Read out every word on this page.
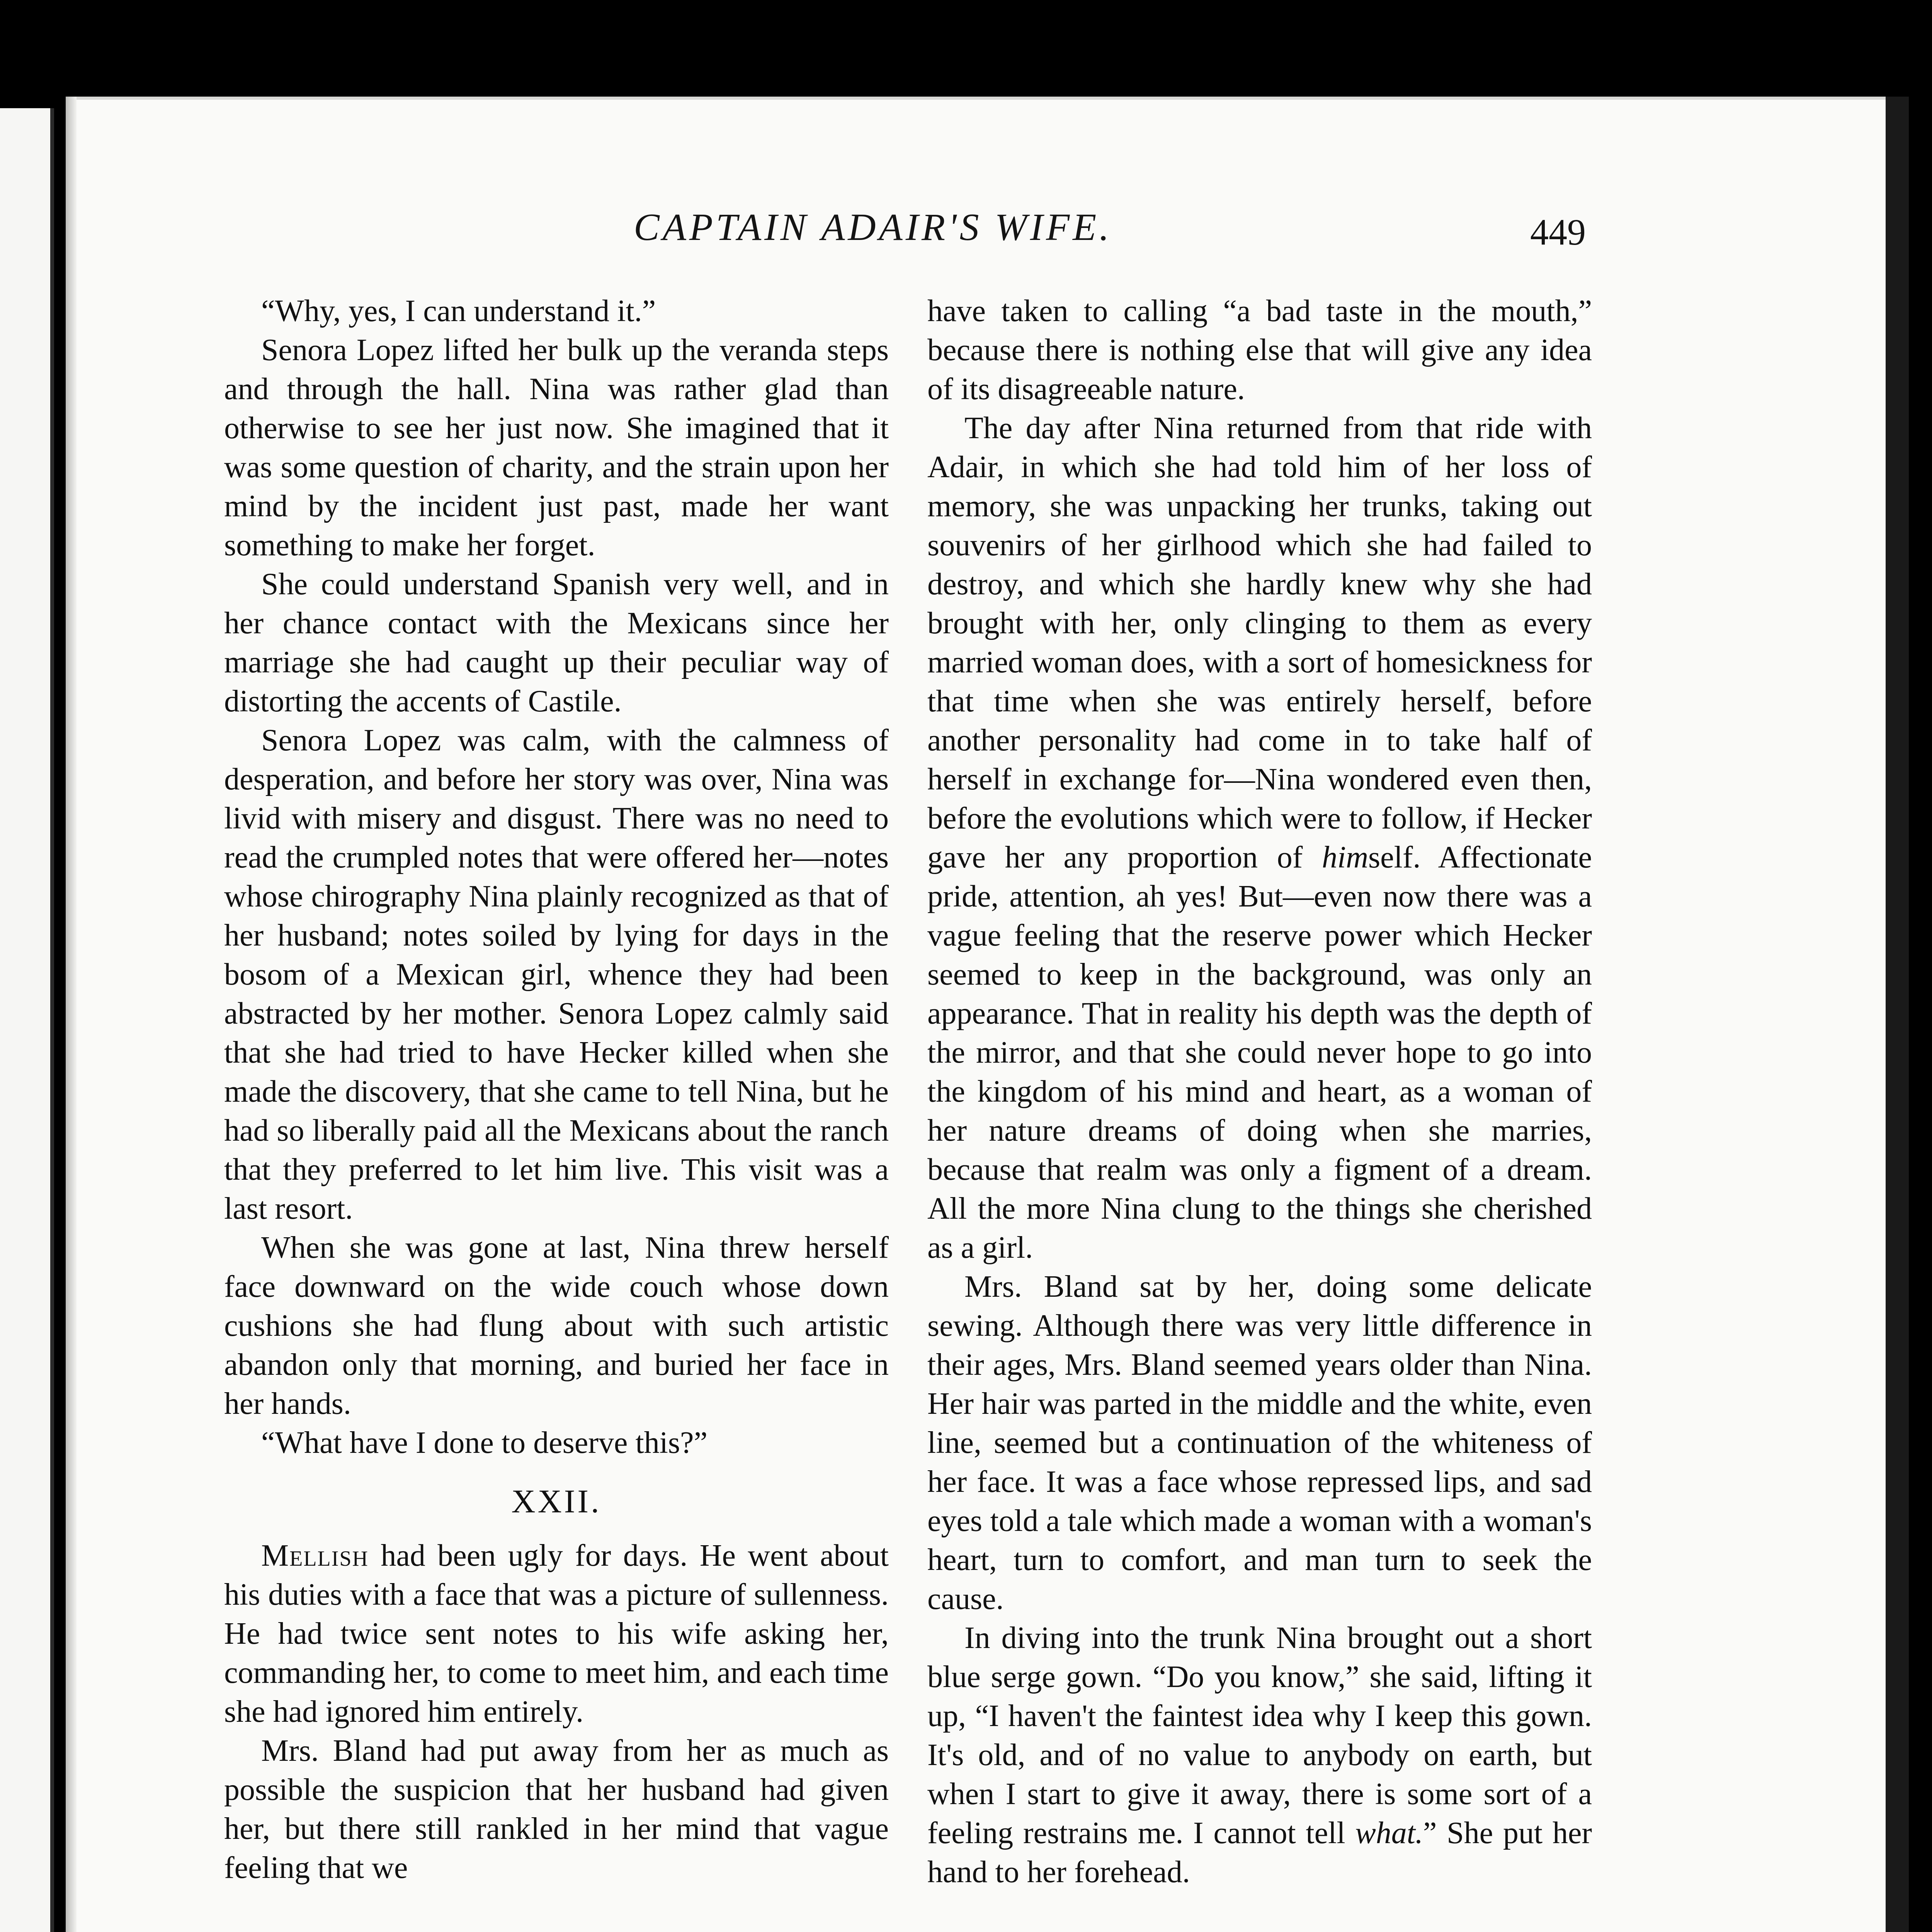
CAPTAIN ADAIR'S WIFE.	449

“Why, yes, I can understand it.”

Senora Lopez lifted her bulk up the veranda steps and through the hall. Nina was rather glad than otherwise to see her just now. She imagined that it was some question of charity, and the strain upon her mind by the incident just past, made her want something to make her forget.

She could understand Spanish very well, and in her chance contact with the Mexicans since her marriage she had caught up their peculiar way of distorting the accents of Castile.

Senora Lopez was calm, with the calmness of desperation, and before her story was over, Nina was livid with misery and disgust. There was no need to read the crumpled notes that were offered her—notes whose chirography Nina plainly recognized as that of her husband; notes soiled by lying for days in the bosom of a Mexican girl, whence they had been abstracted by her mother. Senora Lopez calmly said that she had tried to have Hecker killed when she made the discovery, that she came to tell Nina, but he had so liberally paid all the Mexicans about the ranch that they preferred to let him live. This visit was a last resort.

When she was gone at last, Nina threw herself face downward on the wide couch whose down cushions she had flung about with such artistic abandon only that morning, and buried her face in her hands.

“What have I done to deserve this?”

XXII.

Mellish had been ugly for days. He went about his duties with a face that was a picture of sullenness. He had twice sent notes to his wife asking her, commanding her, to come to meet him, and each time she had ignored him entirely.

Mrs. Bland had put away from her as much as possible the suspicion that her husband had given her, but there still rankled in her mind that vague feeling that we

have taken to calling “a bad taste in the mouth,” because there is nothing else that will give any idea of its disagreeable nature.

The day after Nina returned from that ride with Adair, in which she had told him of her loss of memory, she was unpacking her trunks, taking out souvenirs of her girlhood which she had failed to destroy, and which she hardly knew why she had brought with her, only clinging to them as every married woman does, with a sort of homesickness for that time when she was entirely herself, before another personality had come in to take half of herself in exchange for—Nina wondered even then, before the evolutions which were to follow, if Hecker gave her any proportion of himself. Affectionate pride, attention, ah yes! But—even now there was a vague feeling that the reserve power which Hecker seemed to keep in the background, was only an appearance. That in reality his depth was the depth of the mirror, and that she could never hope to go into the kingdom of his mind and heart, as a woman of her nature dreams of doing when she marries, because that realm was only a figment of a dream. All the more Nina clung to the things she cherished as a girl.

Mrs. Bland sat by her, doing some delicate sewing. Although there was very little difference in their ages, Mrs. Bland seemed years older than Nina. Her hair was parted in the middle and the white, even line, seemed but a continuation of the whiteness of her face. It was a face whose repressed lips, and sad eyes told a tale which made a woman with a woman's heart, turn to comfort, and man turn to seek the cause.

In diving into the trunk Nina brought out a short blue serge gown. “Do you know,” she said, lifting it up, “I haven't the faintest idea why I keep this gown. It's old, and of no value to anybody on earth, but when I start to give it away, there is some sort of a feeling restrains me. I cannot tell what.” She put her hand to her forehead.
